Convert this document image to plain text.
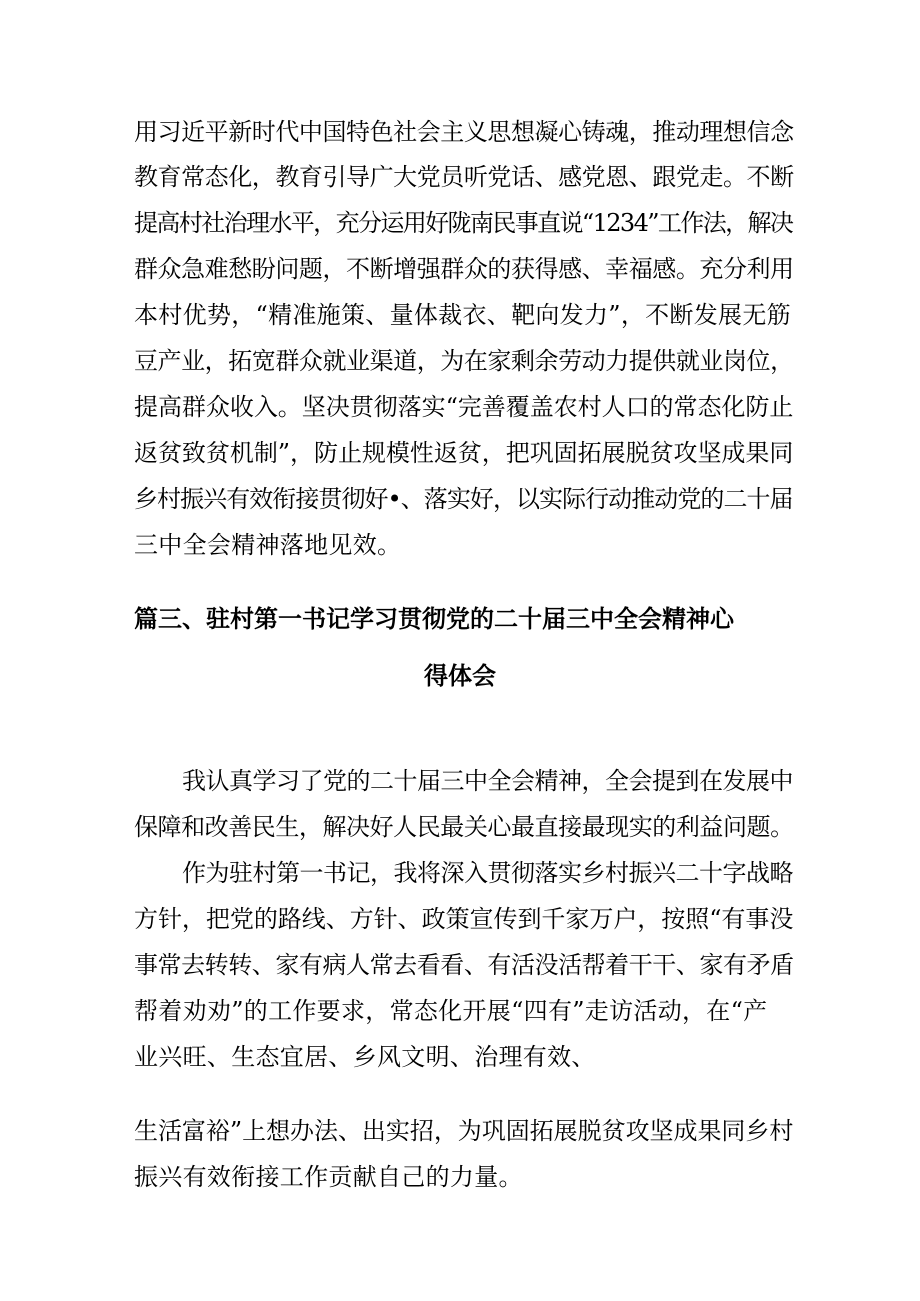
用习近平新时代中国特色社会主义思想凝心铸魂，推动理想信念
教育常态化，教育引导广大党员听党话、感党恩、跟党走。不断
提高村社治理水平，充分运用好陇南民事直说“1234”工作法，解决
群众急难愁盼问题，不断增强群众的获得感、幸福感。充分利用
本村优势，“精准施策、量体裁衣、靶向发力”，不断发展无筋
豆产业，拓宽群众就业渠道，为在家剩余劳动力提供就业岗位，
提高群众收入。坚决贯彻落实“完善覆盖农村人口的常态化防止
返贫致贫机制”，防止规模性返贫，把巩固拓展脱贫攻坚成果同
乡村振兴有效衔接贯彻好•、落实好，以实际行动推动党的二十届
三中全会精神落地见效。
篇三、驻村第一书记学习贯彻党的二十届三中全会精神心
得体会
我认真学习了党的二十届三中全会精神，全会提到在发展中
保障和改善民生，解决好人民最关心最直接最现实的利益问题。
作为驻村第一书记，我将深入贯彻落实乡村振兴二十字战略
方针，把党的路线、方针、政策宣传到千家万户，按照“有事没
事常去转转、家有病人常去看看、有活没活帮着干干、家有矛盾
帮着劝劝”的工作要求，常态化开展“四有”走访活动，在“产
业兴旺、生态宜居、乡风文明、治理有效、
生活富裕”上想办法、出实招，为巩固拓展脱贫攻坚成果同乡村
振兴有效衔接工作贡献自己的力量。
